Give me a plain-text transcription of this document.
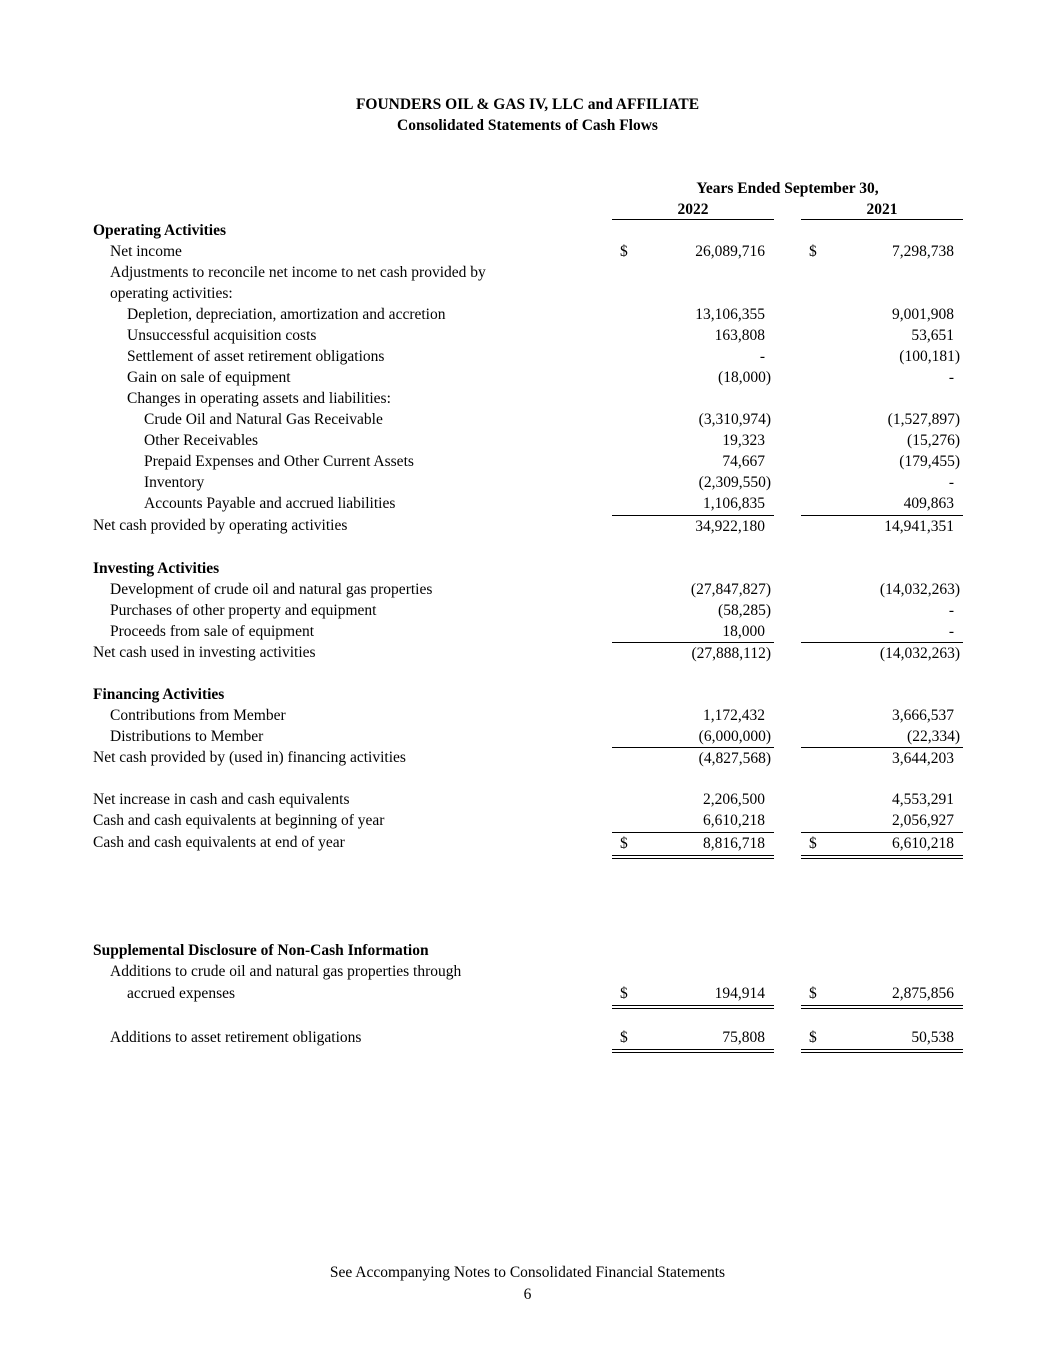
FOUNDERS OIL & GAS IV, LLC and AFFILIATE
Consolidated Statements of Cash Flows
Years Ended September 30,
2022	2021
Operating Activities
Net income	$	26,089,716	$	7,298,738
Adjustments to reconcile net income to net cash provided by
operating activities:
Depletion, depreciation, amortization and accretion	13,106,355	9,001,908
Unsuccessful acquisition costs	163,808	53,651
Settlement of asset retirement obligations	-	(100,181)
Gain on sale of equipment	(18,000)	-
Changes in operating assets and liabilities:
Crude Oil and Natural Gas Receivable	(3,310,974)	(1,527,897)
Other Receivables	19,323	(15,276)
Prepaid Expenses and Other Current Assets	74,667	(179,455)
Inventory	(2,309,550)	-
Accounts Payable and accrued liabilities	1,106,835	409,863
Net cash provided by operating activities	34,922,180	14,941,351
Investing Activities
Development of crude oil and natural gas properties	(27,847,827)	(14,032,263)
Purchases of other property and equipment	(58,285)	-
Proceeds from sale of equipment	18,000	-
Net cash used in investing activities	(27,888,112)	(14,032,263)
Financing Activities
Contributions from Member	1,172,432	3,666,537
Distributions to Member	(6,000,000)	(22,334)
Net cash provided by (used in) financing activities	(4,827,568)	3,644,203
Net increase in cash and cash equivalents	2,206,500	4,553,291
Cash and cash equivalents at beginning of year	6,610,218	2,056,927
Cash and cash equivalents at end of year	$	8,816,718	$	6,610,218
Supplemental Disclosure of Non-Cash Information
Additions to crude oil and natural gas properties through
accrued expenses	$	194,914	$	2,875,856
Additions to asset retirement obligations	$	75,808	$	50,538
See Accompanying Notes to Consolidated Financial Statements
6
